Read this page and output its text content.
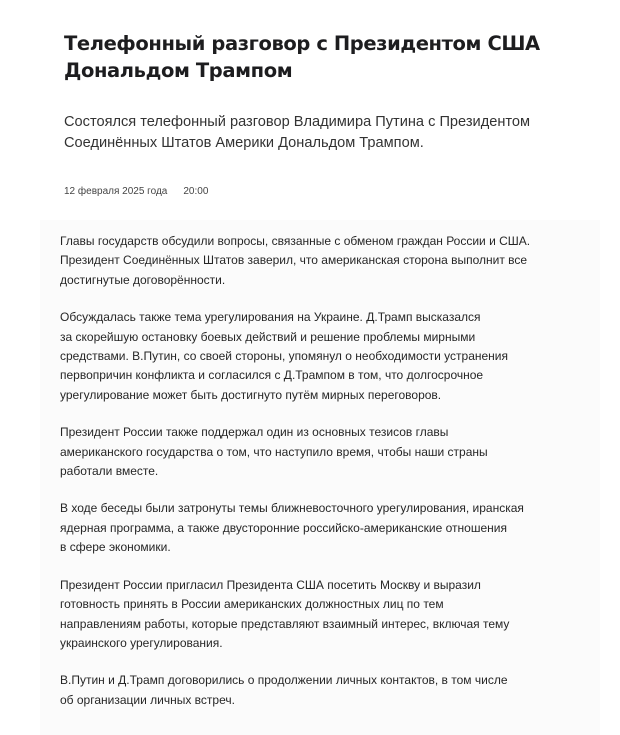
Телефонный разговор с Президентом США
Дональдом Трампом

Состоялся телефонный разговор Владимира Путина с Президентом
Соединённых Штатов Америки Дональдом Трампом.

12 февраля 2025 года 20:00

Главы государств обсудили вопросы, связанные с обменом граждан России и США.
Президент Соединённых Штатов заверил, что американская сторона выполнит все
достигнутые договорённости.

Обсуждалась также тема урегулирования на Украине. Д.Трамп высказался
за скорейшую остановку боевых действий и решение проблемы мирными
средствами. В.Путин, со своей стороны, упомянул о необходимости устранения
первопричин конфликта и согласился с Д.Трампом в том, что долгосрочное
урегулирование может быть достигнуто путём мирных переговоров.

Президент России также поддержал один из основных тезисов главы
американского государства о том, что наступило время, чтобы наши страны
работали вместе.

В ходе беседы были затронуты темы ближневосточного урегулирования, иранская
ядерная программа, а также двусторонние российско-американские отношения
в сфере экономики.

Президент России пригласил Президента США посетить Москву и выразил
готовность принять в России американских должностных лиц по тем
направлениям работы, которые представляют взаимный интерес, включая тему
украинского урегулирования.

В.Путин и Д.Трамп договорились о продолжении личных контактов, в том числе
об организации личных встреч.
